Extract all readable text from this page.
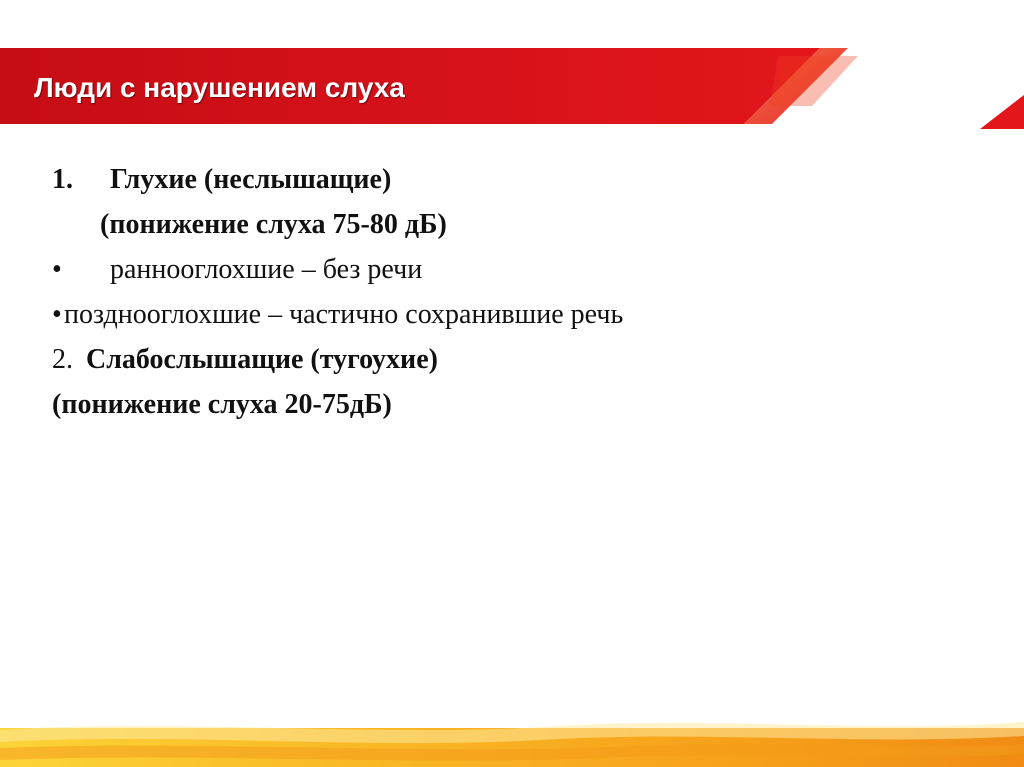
Люди с нарушением слуха
1. Глухие (неслышащие)
(понижение слуха 75-80 дБ)
• раннооглохшие – без речи
• позднооглохшие – частично сохранившие речь
2. Слабослышащие (тугоухие)
(понижение слуха 20-75дБ)
